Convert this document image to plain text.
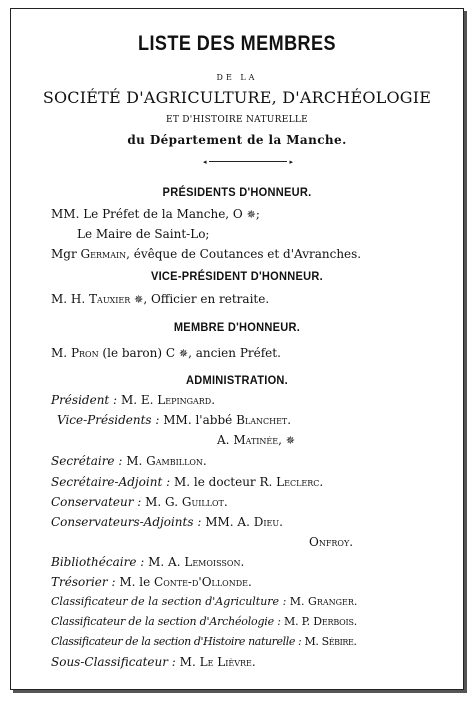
LISTE DES MEMBRES
DE LA
SOCIÉTÉ D'AGRICULTURE, D'ARCHÉOLOGIE
ET D'HISTOIRE NATURELLE
du Département de la Manche.
◂	▸
PRÉSIDENTS D'HONNEUR.
MM. Le Préfet de la Manche, O ✵;
Le Maire de Saint-Lo;
Mgr Germain, évêque de Coutances et d'Avranches.
VICE-PRÉSIDENT D'HONNEUR.
M. H. Tauxier ✵, Officier en retraite.
MEMBRE D'HONNEUR.
M. Pron (le baron) C ✵, ancien Préfet.
ADMINISTRATION.
Président : M. E. Lepingard.
Vice-Présidents : MM. l'abbé Blanchet.
A. Matinée, ✵
Secrétaire : M. Gambillon.
Secrétaire-Adjoint : M. le docteur R. Leclerc.
Conservateur : M. G. Guillot.
Conservateurs-Adjoints : MM. A. Dieu.
Onfroy.
Bibliothécaire : M. A. Lemoisson.
Trésorier : M. le Conte-d'Ollonde.
Classificateur de la section d'Agriculture : M. Granger.
Classificateur de la section d'Archéologie : M. P. Derbois.
Classificateur de la section d'Histoire naturelle : M. Sébire.
Sous-Classificateur : M. Le Lièvre.
